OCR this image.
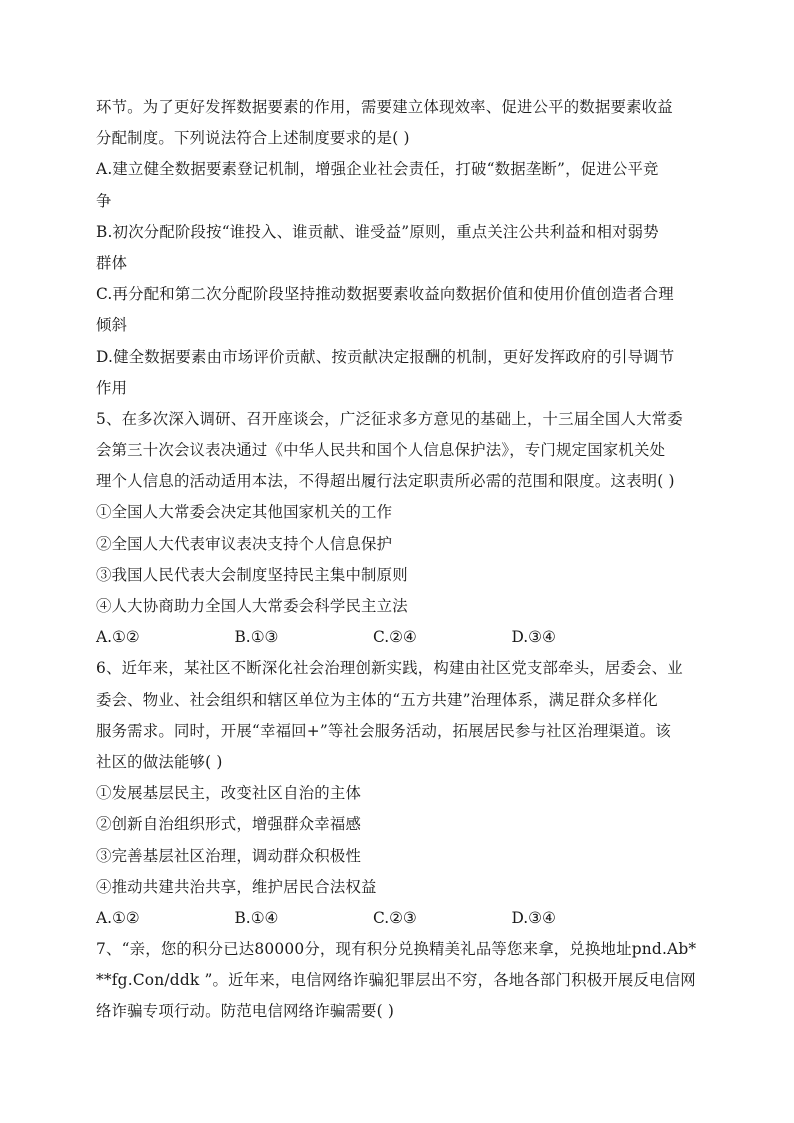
环节。为了更好发挥数据要素的作用，需要建立体现效率、促进公平的数据要素收益
分配制度。下列说法符合上述制度要求的是( )
A.建立健全数据要素登记机制，增强企业社会责任，打破“数据垄断”，促进公平竞
争
B.初次分配阶段按“谁投入、谁贡献、谁受益”原则，重点关注公共利益和相对弱势
群体
C.再分配和第二次分配阶段坚持推动数据要素收益向数据价值和使用价值创造者合理
倾斜
D.健全数据要素由市场评价贡献、按贡献决定报酬的机制，更好发挥政府的引导调节
作用
5、在多次深入调研、召开座谈会，广泛征求多方意见的基础上，十三届全国人大常委
会第三十次会议表决通过《中华人民共和国个人信息保护法》，专门规定国家机关处
理个人信息的活动适用本法，不得超出履行法定职责所必需的范围和限度。这表明( )
①全国人大常委会决定其他国家机关的工作
②全国人大代表审议表决支持个人信息保护
③我国人民代表大会制度坚持民主集中制原则
④人大协商助力全国人大常委会科学民主立法
A.①②	B.①③	C.②④	D.③④
6、近年来，某社区不断深化社会治理创新实践，构建由社区党支部牵头，居委会、业
委会、物业、社会组织和辖区单位为主体的“五方共建”治理体系，满足群众多样化
服务需求。同时，开展“幸福回+”等社会服务活动，拓展居民参与社区治理渠道。该
社区的做法能够( )
①发展基层民主，改变社区自治的主体
②创新自治组织形式，增强群众幸福感
③完善基层社区治理，调动群众积极性
④推动共建共治共享，维护居民合法权益
A.①②	B.①④	C.②③	D.③④
7、“亲，您的积分已达80000分，现有积分兑换精美礼品等您来拿，兑换地址pnd.Ab*
**fg.Con/ddk ”。近年来，电信网络诈骗犯罪层出不穷，各地各部门积极开展反电信网
络诈骗专项行动。防范电信网络诈骗需要( )
